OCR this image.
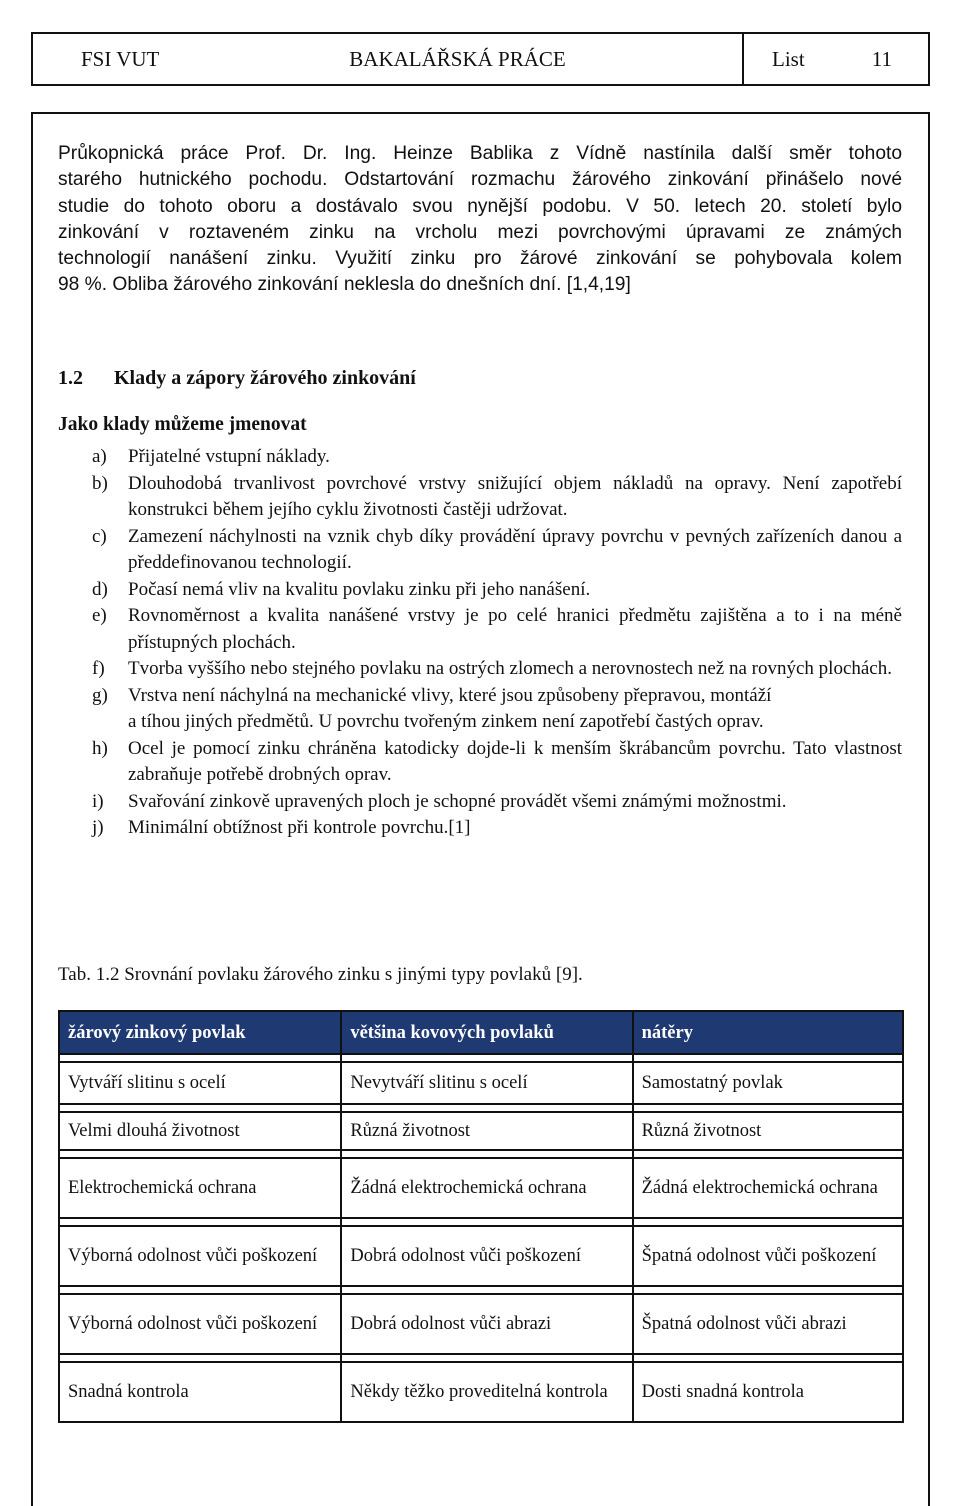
FSI VUT	BAKALÁŘSKÁ PRÁCE	List	11
Průkopnická práce Prof. Dr. Ing. Heinze Bablika z Vídně nastínila další směr tohoto
starého hutnického pochodu. Odstartování rozmachu žárového zinkování přinášelo nové
studie do tohoto oboru a dostávalo svou nynější podobu. V 50. letech 20. století bylo
zinkování v roztaveném zinku na vrcholu mezi povrchovými úpravami ze známých
technologií nanášení zinku. Využití zinku pro žárové zinkování se pohybovala kolem
98 %. Obliba žárového zinkování neklesla do dnešních dní. [1,4,19]
1.2 Klady a zápory žárového zinkování
Jako klady můžeme jmenovat
a)	Přijatelné vstupní náklady.
b)	Dlouhodobá trvanlivost povrchové vrstvy snižující objem nákladů na opravy. Není zapotřebí konstrukci během jejího cyklu životnosti častěji udržovat.
c)	Zamezení náchylnosti na vznik chyb díky provádění úpravy povrchu v pevných zařízeních danou a předdefinovanou technologií.
d)	Počasí nemá vliv na kvalitu povlaku zinku při jeho nanášení.
e)	Rovnoměrnost a kvalita nanášené vrstvy je po celé hranici předmětu zajištěna a to i na méně přístupných plochách.
f)	Tvorba vyššího nebo stejného povlaku na ostrých zlomech a nerovnostech než na rovných plochách.
g)	Vrstva není náchylná na mechanické vlivy, které jsou způsobeny přepravou, montáží
a tíhou jiných předmětů. U povrchu tvořeným zinkem není zapotřebí častých oprav.
h)	Ocel je pomocí zinku chráněna katodicky dojde-li k menším škrábancům povrchu. Tato vlastnost zabraňuje potřebě drobných oprav.
i)	Svařování zinkově upravených ploch je schopné provádět všemi známými možnostmi.
j)	Minimální obtížnost při kontrole povrchu.[1]
Tab. 1.2 Srovnání povlaku žárového zinku s jinými typy povlaků [9].
žárový zinkový povlak	většina kovových povlaků	nátěry

Vytváří slitinu s ocelí	Nevytváří slitinu s ocelí	Samostatný povlak

Velmi dlouhá životnost	Různá životnost	Různá životnost

Elektrochemická ochrana	Žádná elektrochemická ochrana	Žádná elektrochemická ochrana

Výborná odolnost vůči poškození	Dobrá odolnost vůči poškození	Špatná odolnost vůči poškození

Výborná odolnost vůči poškození	Dobrá odolnost vůči abrazi	Špatná odolnost vůči abrazi

Snadná kontrola	Někdy těžko proveditelná kontrola	Dosti snadná kontrola
